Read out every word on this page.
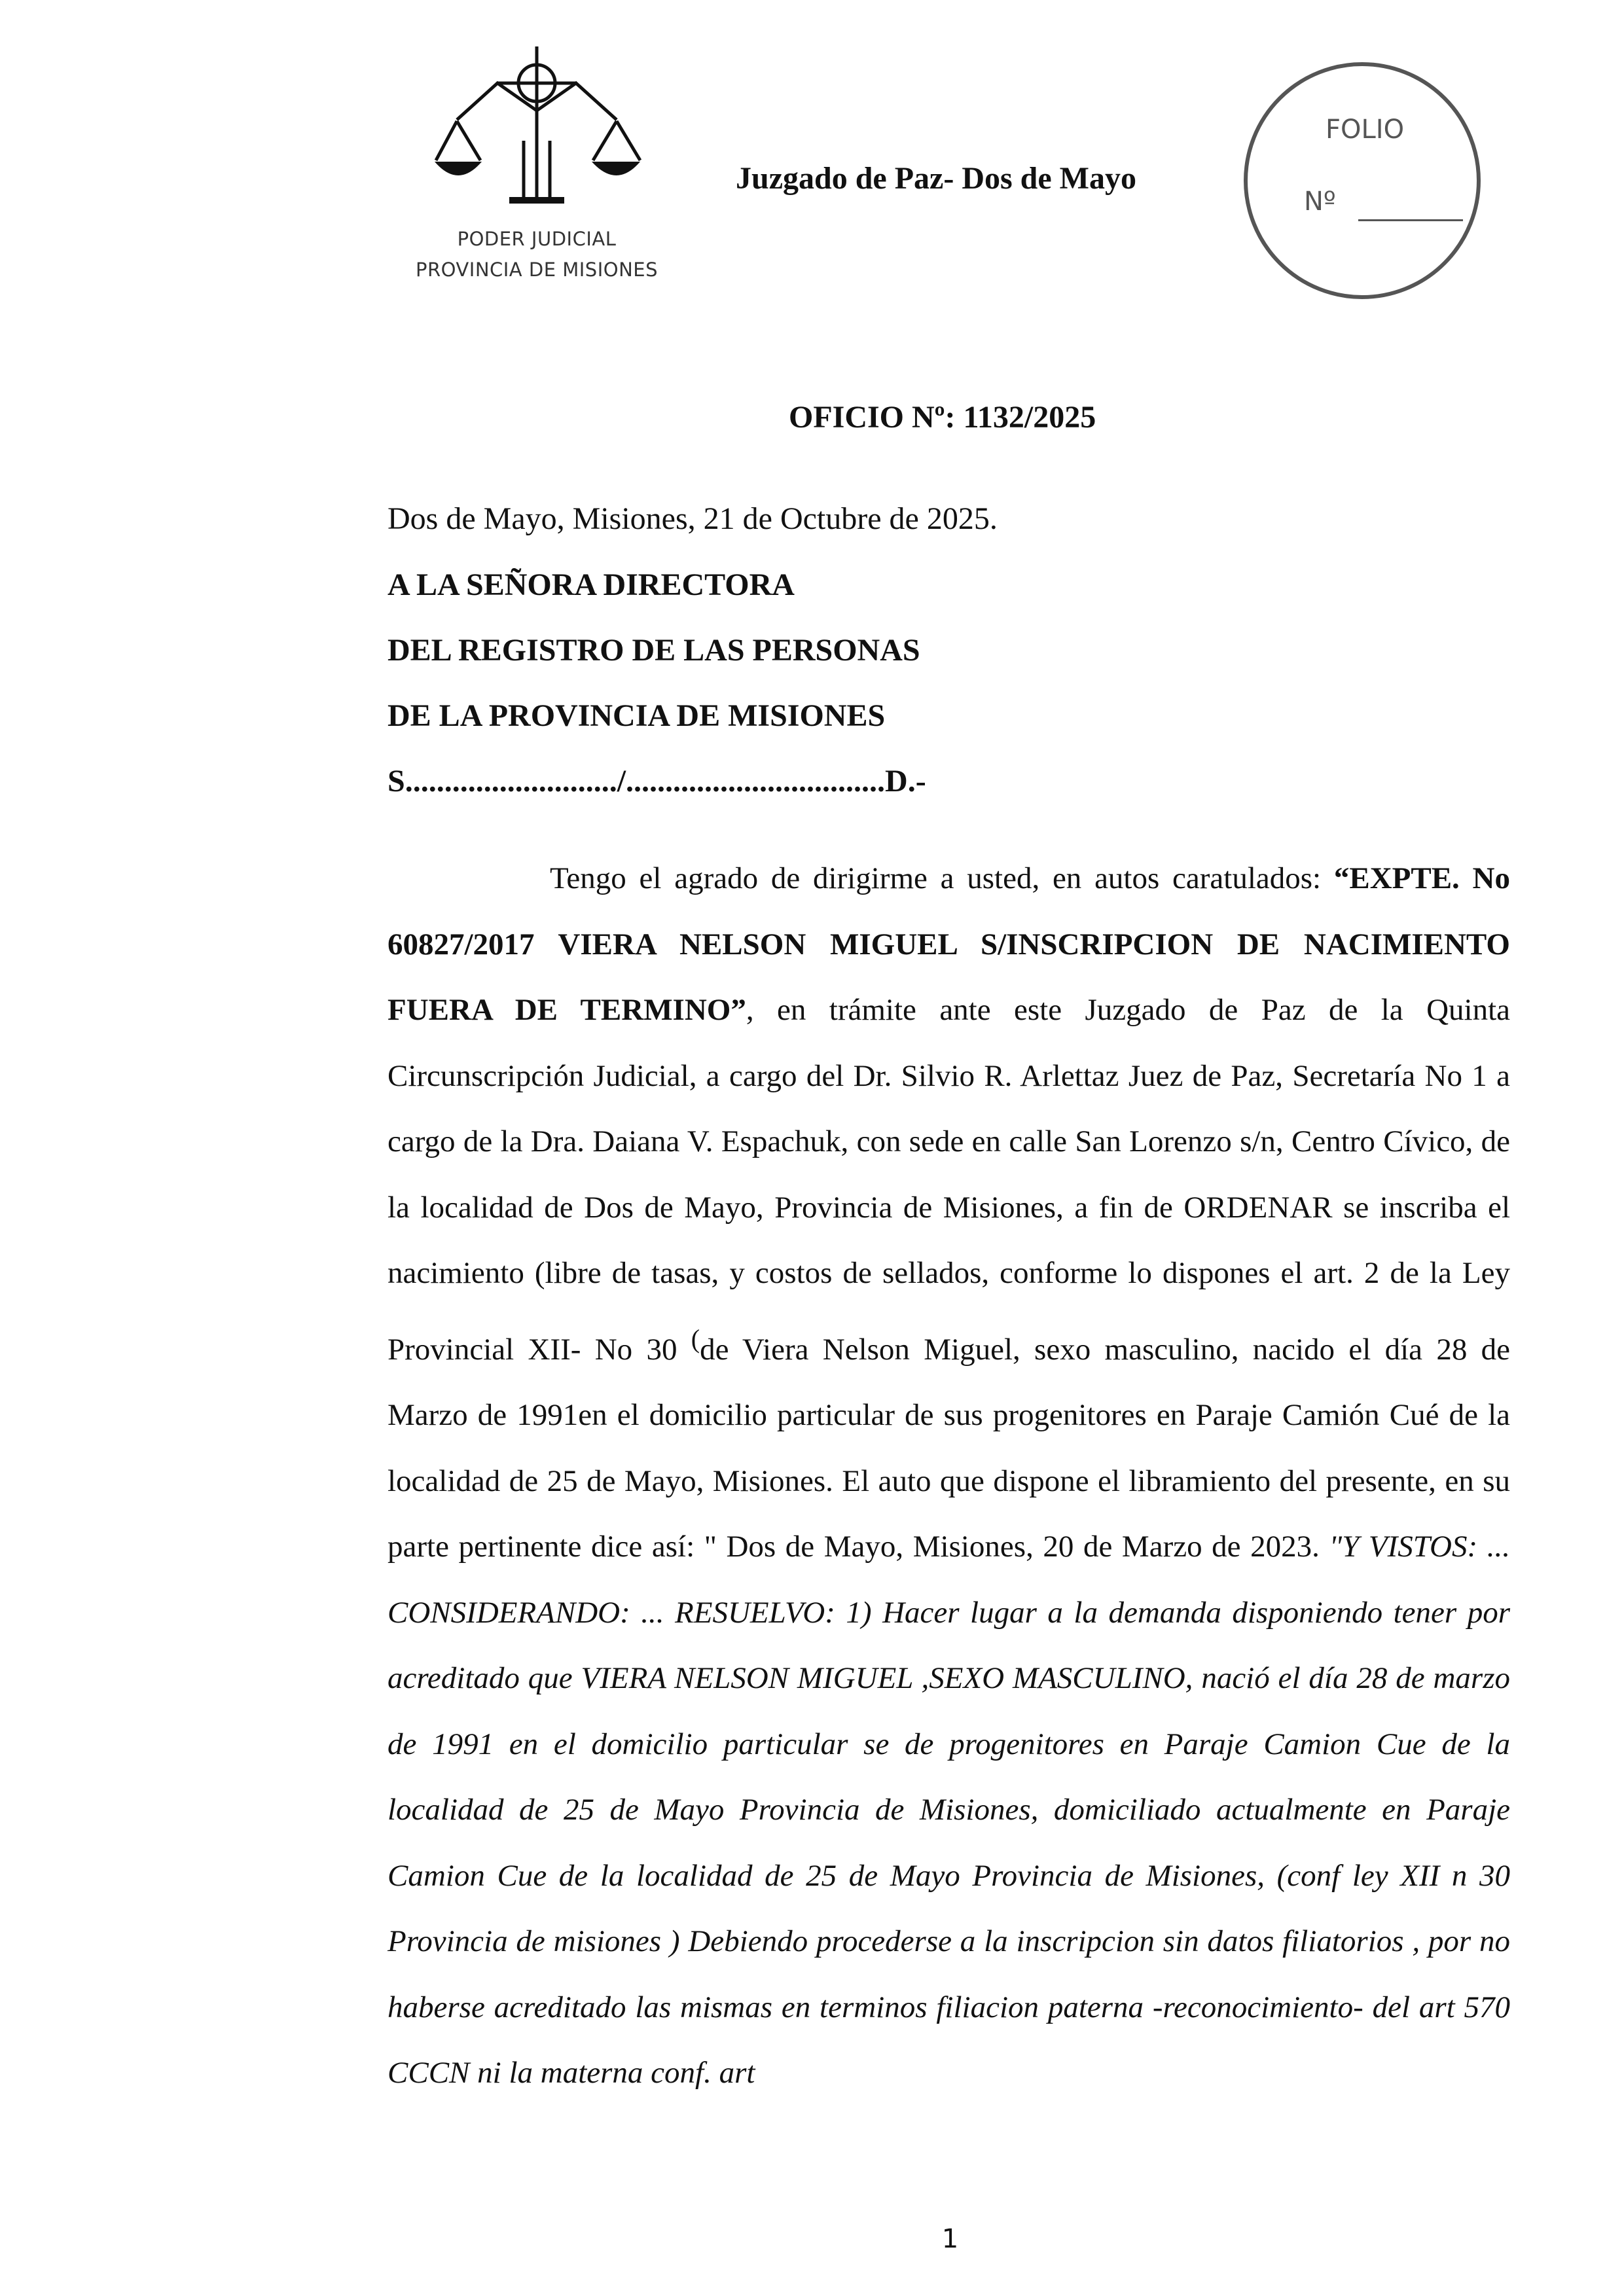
PODER JUDICIAL
PROVINCIA DE MISIONES
Juzgado de Paz- Dos de Mayo
FOLIO
Nº
OFICIO Nº: 1132/2025
Dos de Mayo, Misiones, 21 de Octubre de 2025.
A LA SEÑORA DIRECTORA
DEL REGISTRO DE LAS PERSONAS
DE LA PROVINCIA DE MISIONES
S.........................../.................................D.-

Tengo el agrado de dirigirme a usted, en autos caratulados: “EXPTE. No 60827/2017 VIERA NELSON MIGUEL S/INSCRIPCION DE NACIMIENTO FUERA DE TERMINO”, en trámite ante este Juzgado de Paz de la Quinta Circunscripción Judicial, a cargo del Dr. Silvio R. Arlettaz Juez de Paz, Secretaría No 1 a cargo de la Dra. Daiana V. Espachuk, con sede en calle San Lorenzo s/n, Centro Cívico, de la localidad de Dos de Mayo, Provincia de Misiones, a fin de ORDENAR se inscriba el nacimiento (libre de tasas, y costos de sellados, conforme lo dispones el art. 2 de la Ley Provincial XII- No 30 (de Viera Nelson Miguel, sexo masculino, nacido el día 28 de Marzo de 1991en el domicilio particular de sus progenitores en Paraje Camión Cué de la localidad de 25 de Mayo, Misiones. El auto que dispone el libramiento del presente, en su parte pertinente dice así: " Dos de Mayo, Misiones, 20 de Marzo de 2023. "Y VISTOS: ... CONSIDERANDO: ... RESUELVO: 1) Hacer lugar a la demanda disponiendo tener por acreditado que VIERA NELSON MIGUEL ,SEXO MASCULINO, nació el día 28 de marzo de 1991 en el domicilio particular se de progenitores en Paraje Camion Cue de la localidad de 25 de Mayo Provincia de Misiones, domiciliado actualmente en Paraje Camion Cue de la localidad de 25 de Mayo Provincia de Misiones, (conf ley XII n 30 Provincia de misiones ) Debiendo procederse a la inscripcion sin datos filiatorios , por no haberse acreditado las mismas en terminos filiacion paterna -reconocimiento- del art 570 CCCN ni la materna conf. art

1
